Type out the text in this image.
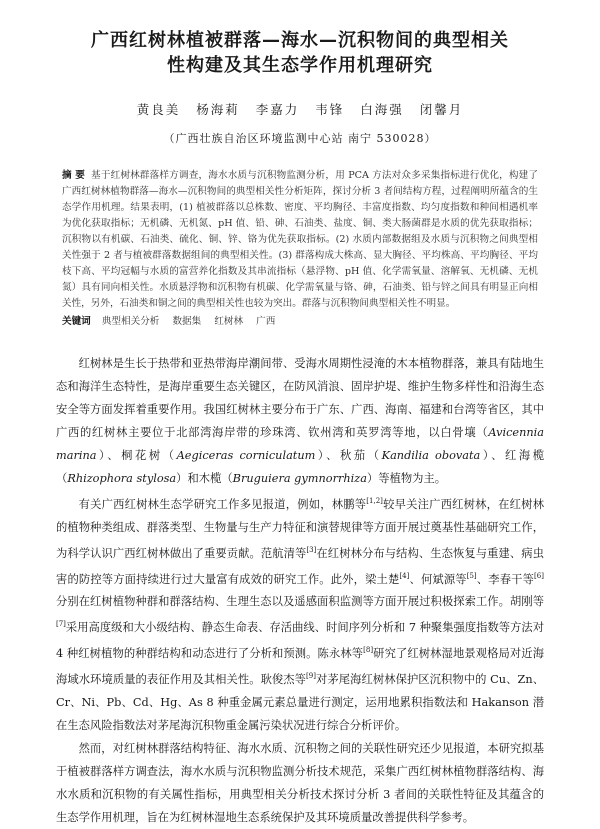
广西红树林植被群落—海水—沉积物间的典型相关
性构建及其生态学作用机理研究
黄良美 杨海莉 李嘉力 韦锋 白海强 闭馨月
（广西壮族自治区环境监测中心站 南宁 530028）
摘 要 基于红树林群落样方调查，海水水质与沉积物监测分析，用 PCA 方法对众多采集指标进行优化，构建了广西红树林植物群落—海水—沉积物间的典型相关性分析矩阵，探讨分析 3 者间结构方程，过程阐明所蕴含的生态学作用机理。结果表明，(1) 植被群落以总株数、密度、平均胸径、丰富度指数、均匀度指数和种间相遇机率为优化获取指标；无机磷、无机氮、pH 值、铅、砷、石油类、盐度、铜、类大肠菌群是水质的优先获取指标；沉积物以有机碳、石油类、硫化、铜、锌、铬为优先获取指标。(2) 水质内部数据组及水质与沉积物之间典型相关性强于 2 者与植被群落数据组间的典型相关性。(3) 群落构成大株高、显大胸径、平均株高、平均胸径、平均枝下高、平均冠幅与水质的富营养化指数及其串流指标（悬浮物、pH 值、化学需氧量、溶解氧、无机磷、无机氮）具有同向相关性。水质悬浮物和沉积物有机碳、化学需氧量与铬、砷，石油类、铅与锌之间具有明显正向相关性，另外，石油类和铜之间的典型相关性也较为突出。群落与沉积物间典型相关性不明显。
关键词 典型相关分析 数据集 红树林 广西

红树林是生长于热带和亚热带海岸潮间带、受海水周期性浸淹的木本植物群落，兼具有陆地生态和海洋生态特性，是海岸重要生态关键区，在防风消浪、固岸护堤、维护生物多样性和沿海生态安全等方面发挥着重要作用。我国红树林主要分布于广东、广西、海南、福建和台湾等省区，其中广西的红树林主要位于北部湾海岸带的珍珠湾、钦州湾和英罗湾等地，以白骨壤（Avicennia marina）、桐花树（Aegiceras corniculatum）、秋茄（Kandilia obovata）、红海榄（Rhizophora stylosa）和木榄（Bruguiera gymnorrhiza）等植物为主。

有关广西红树林生态学研究工作多见报道，例如，林鹏等[1,2]较早关注广西红树林，在红树林的植物种类组成、群落类型、生物量与生产力特征和演替规律等方面开展过奠基性基础研究工作，为科学认识广西红树林做出了重要贡献。范航清等[3]在红树林分布与结构、生态恢复与重建、病虫害的防控等方面持续进行过大量富有成效的研究工作。此外，梁土楚[4]、何斌源等[5]、李春干等[6]分别在红树植物种群和群落结构、生理生态以及遥感面积监测等方面开展过积极探索工作。胡刚等[7]采用高度级和大小级结构、静态生命表、存活曲线、时间序列分析和 7 种聚集强度指数等方法对 4 种红树植物的种群结构和动态进行了分析和预测。陈永林等[8]研究了红树林湿地景观格局对近海海域水环境质量的表征作用及其相关性。耿俊杰等[9]对茅尾海红树林保护区沉积物中的 Cu、Zn、Cr、Ni、Pb、Cd、Hg、As 8 种重金属元素总量进行测定，运用地累积指数法和 Hakanson 潜在生态风险指数法对茅尾海沉积物重金属污染状况进行综合分析评价。

然而，对红树林群落结构特征、海水水质、沉积物之间的关联性研究还少见报道，本研究拟基于植被群落样方调查法，海水水质与沉积物监测分析技术规范，采集广西红树林植物群落结构、海水水质和沉积物的有关属性指标，用典型相关分析技术探讨分析 3 者间的关联性特征及其蕴含的生态学作用机理，旨在为红树林湿地生态系统保护及其环境质量改善提供科学参考。
